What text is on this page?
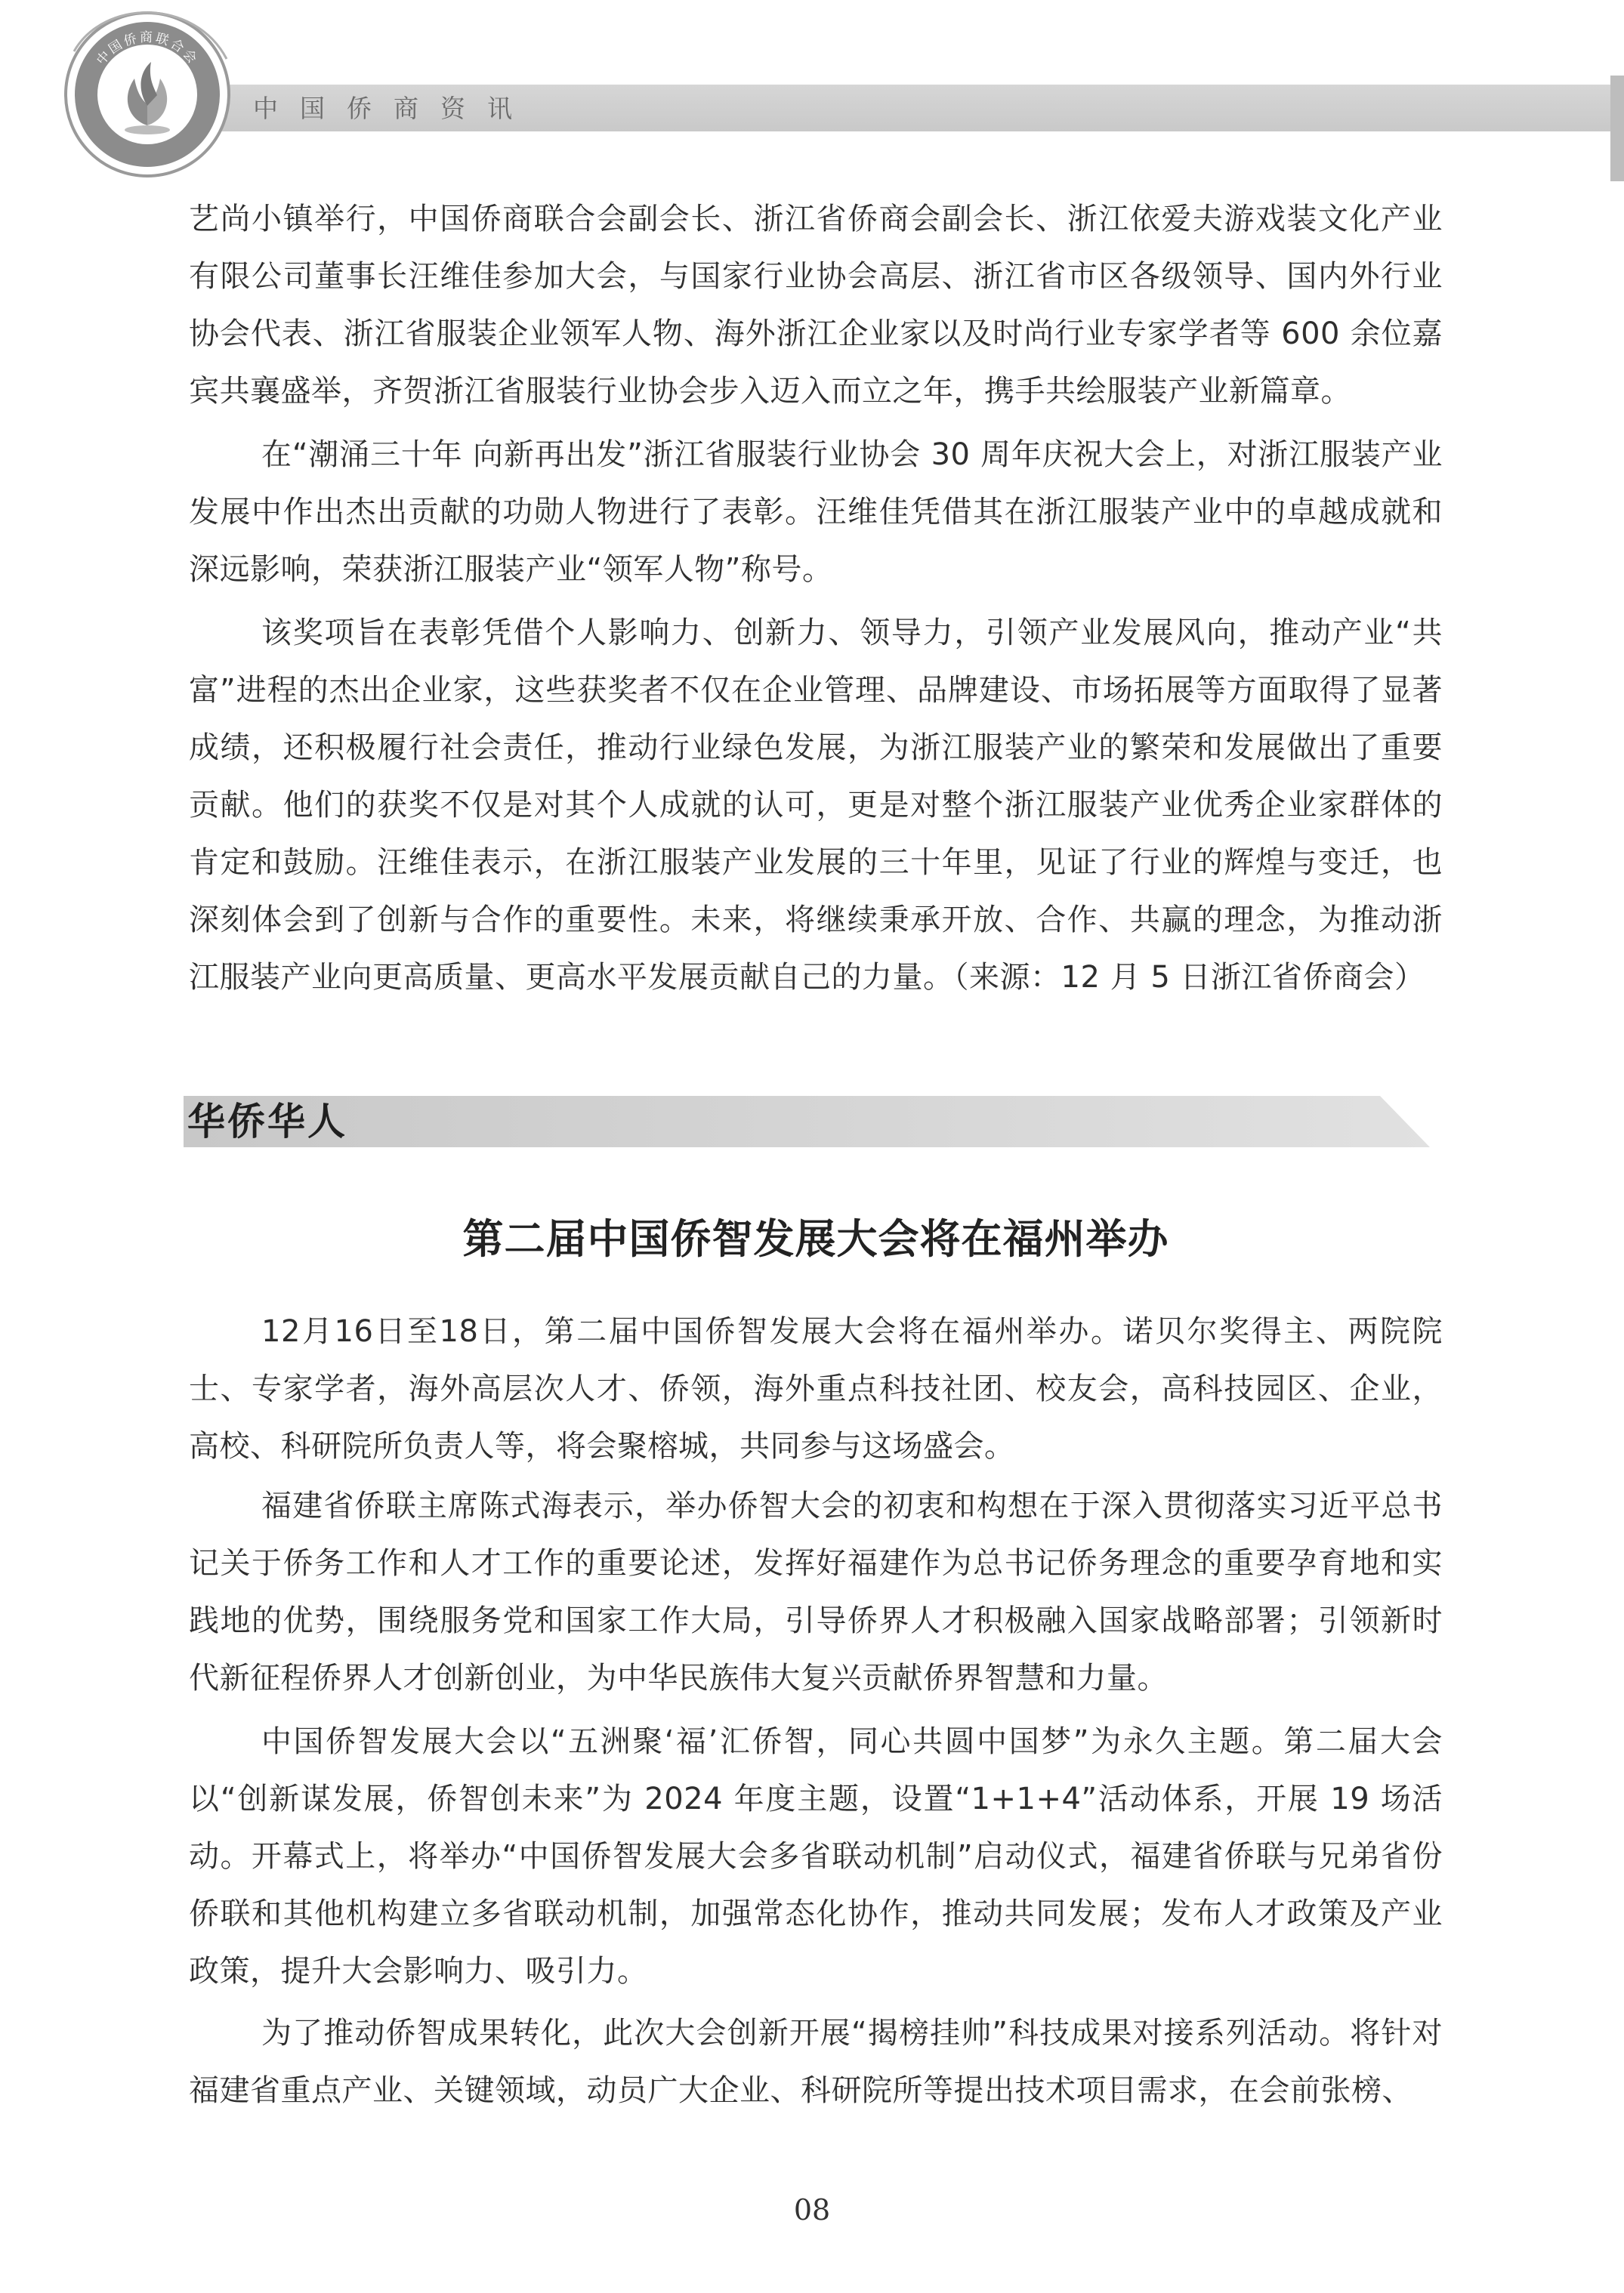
中国侨商资讯
中国侨商联合会

艺尚小镇举行，中国侨商联合会副会长、浙江省侨商会副会长、浙江依爱夫游戏装文化产业有限公司董事长汪维佳参加大会，与国家行业协会高层、浙江省市区各级领导、国内外行业协会代表、浙江省服装企业领军人物、海外浙江企业家以及时尚行业专家学者等 600 余位嘉宾共襄盛举，齐贺浙江省服装行业协会步入迈入而立之年，携手共绘服装产业新篇章。

在“潮涌三十年 向新再出发”浙江省服装行业协会 30 周年庆祝大会上，对浙江服装产业发展中作出杰出贡献的功勋人物进行了表彰。汪维佳凭借其在浙江服装产业中的卓越成就和深远影响，荣获浙江服装产业“领军人物”称号。

该奖项旨在表彰凭借个人影响力、创新力、领导力，引领产业发展风向，推动产业“共富”进程的杰出企业家，这些获奖者不仅在企业管理、品牌建设、市场拓展等方面取得了显著成绩，还积极履行社会责任，推动行业绿色发展，为浙江服装产业的繁荣和发展做出了重要贡献。他们的获奖不仅是对其个人成就的认可，更是对整个浙江服装产业优秀企业家群体的肯定和鼓励。汪维佳表示，在浙江服装产业发展的三十年里，见证了行业的辉煌与变迁，也深刻体会到了创新与合作的重要性。未来，将继续秉承开放、合作、共赢的理念，为推动浙江服装产业向更高质量、更高水平发展贡献自己的力量。（来源：12 月 5 日浙江省侨商会）

华侨华人
第二届中国侨智发展大会将在福州举办

12月16日至18日，第二届中国侨智发展大会将在福州举办。诺贝尔奖得主、两院院士、专家学者，海外高层次人才、侨领，海外重点科技社团、校友会，高科技园区、企业，高校、科研院所负责人等，将会聚榕城，共同参与这场盛会。

福建省侨联主席陈式海表示，举办侨智大会的初衷和构想在于深入贯彻落实习近平总书记关于侨务工作和人才工作的重要论述，发挥好福建作为总书记侨务理念的重要孕育地和实践地的优势，围绕服务党和国家工作大局，引导侨界人才积极融入国家战略部署；引领新时代新征程侨界人才创新创业，为中华民族伟大复兴贡献侨界智慧和力量。

中国侨智发展大会以“五洲聚‘福’汇侨智，同心共圆中国梦”为永久主题。第二届大会以“创新谋发展，侨智创未来”为 2024 年度主题，设置“1+1+4”活动体系，开展 19 场活动。开幕式上，将举办“中国侨智发展大会多省联动机制”启动仪式，福建省侨联与兄弟省份侨联和其他机构建立多省联动机制，加强常态化协作，推动共同发展；发布人才政策及产业政策，提升大会影响力、吸引力。

为了推动侨智成果转化，此次大会创新开展“揭榜挂帅”科技成果对接系列活动。将针对福建省重点产业、关键领域，动员广大企业、科研院所等提出技术项目需求，在会前张榜、

08
